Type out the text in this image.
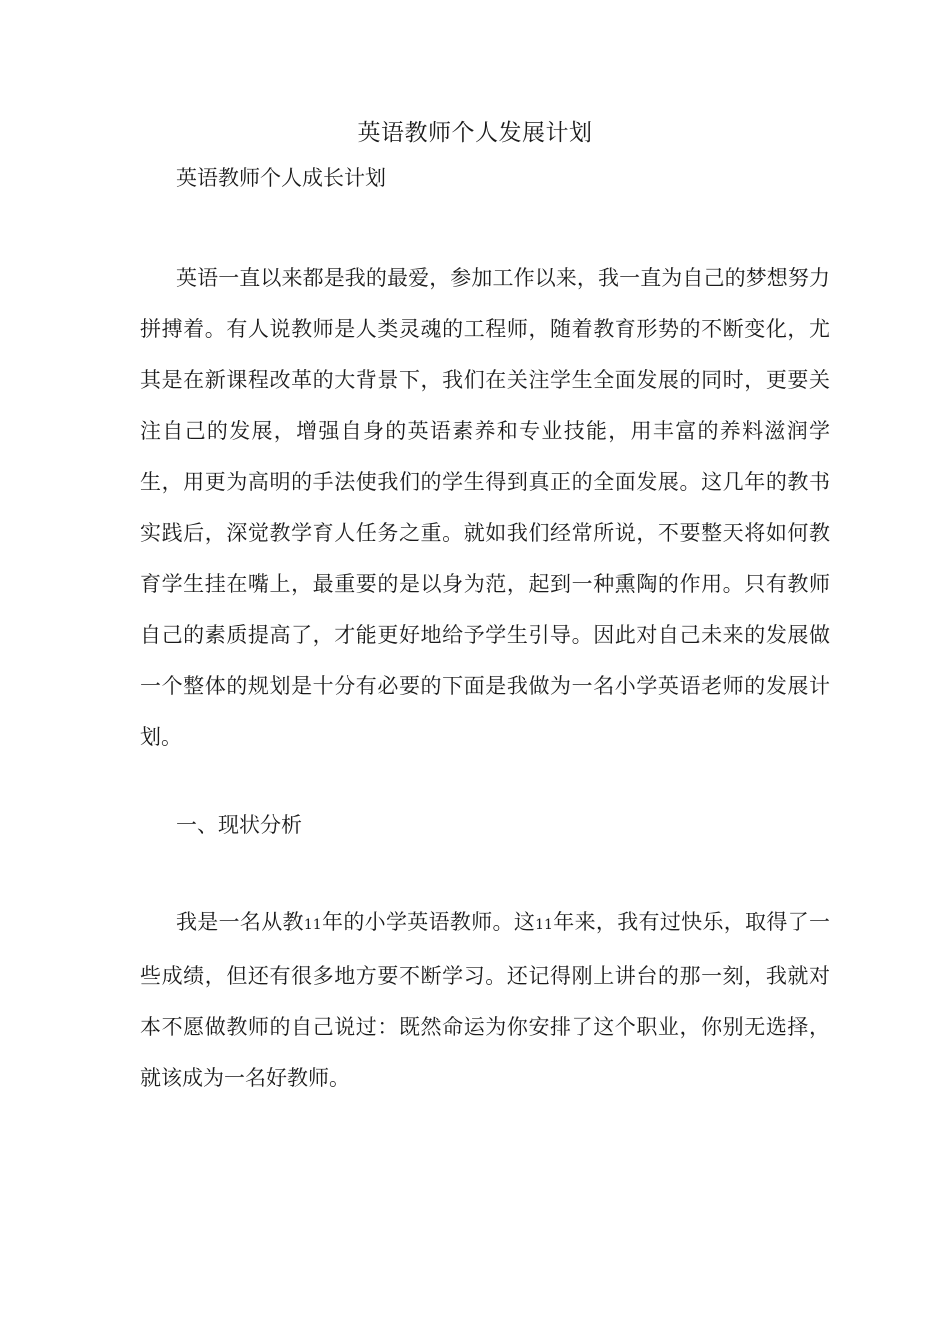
英语教师个人发展计划

英语教师个人成长计划

英语一直以来都是我的最爱，参加工作以来，我一直为自己的梦想努力拼搏着。有人说教师是人类灵魂的工程师，随着教育形势的不断变化，尤其是在新课程改革的大背景下，我们在关注学生全面发展的同时，更要关注自己的发展，增强自身的英语素养和专业技能，用丰富的养料滋润学生，用更为高明的手法使我们的学生得到真正的全面发展。这几年的教书实践后，深觉教学育人任务之重。就如我们经常所说，不要整天将如何教育学生挂在嘴上，最重要的是以身为范，起到一种熏陶的作用。只有教师自己的素质提高了，才能更好地给予学生引导。因此对自己未来的发展做一个整体的规划是十分有必要的下面是我做为一名小学英语老师的发展计划。

一、现状分析

我是一名从教11年的小学英语教师。这11年来，我有过快乐，取得了一些成绩，但还有很多地方要不断学习。还记得刚上讲台的那一刻，我就对本不愿做教师的自己说过：既然命运为你安排了这个职业，你别无选择，就该成为一名好教师。
